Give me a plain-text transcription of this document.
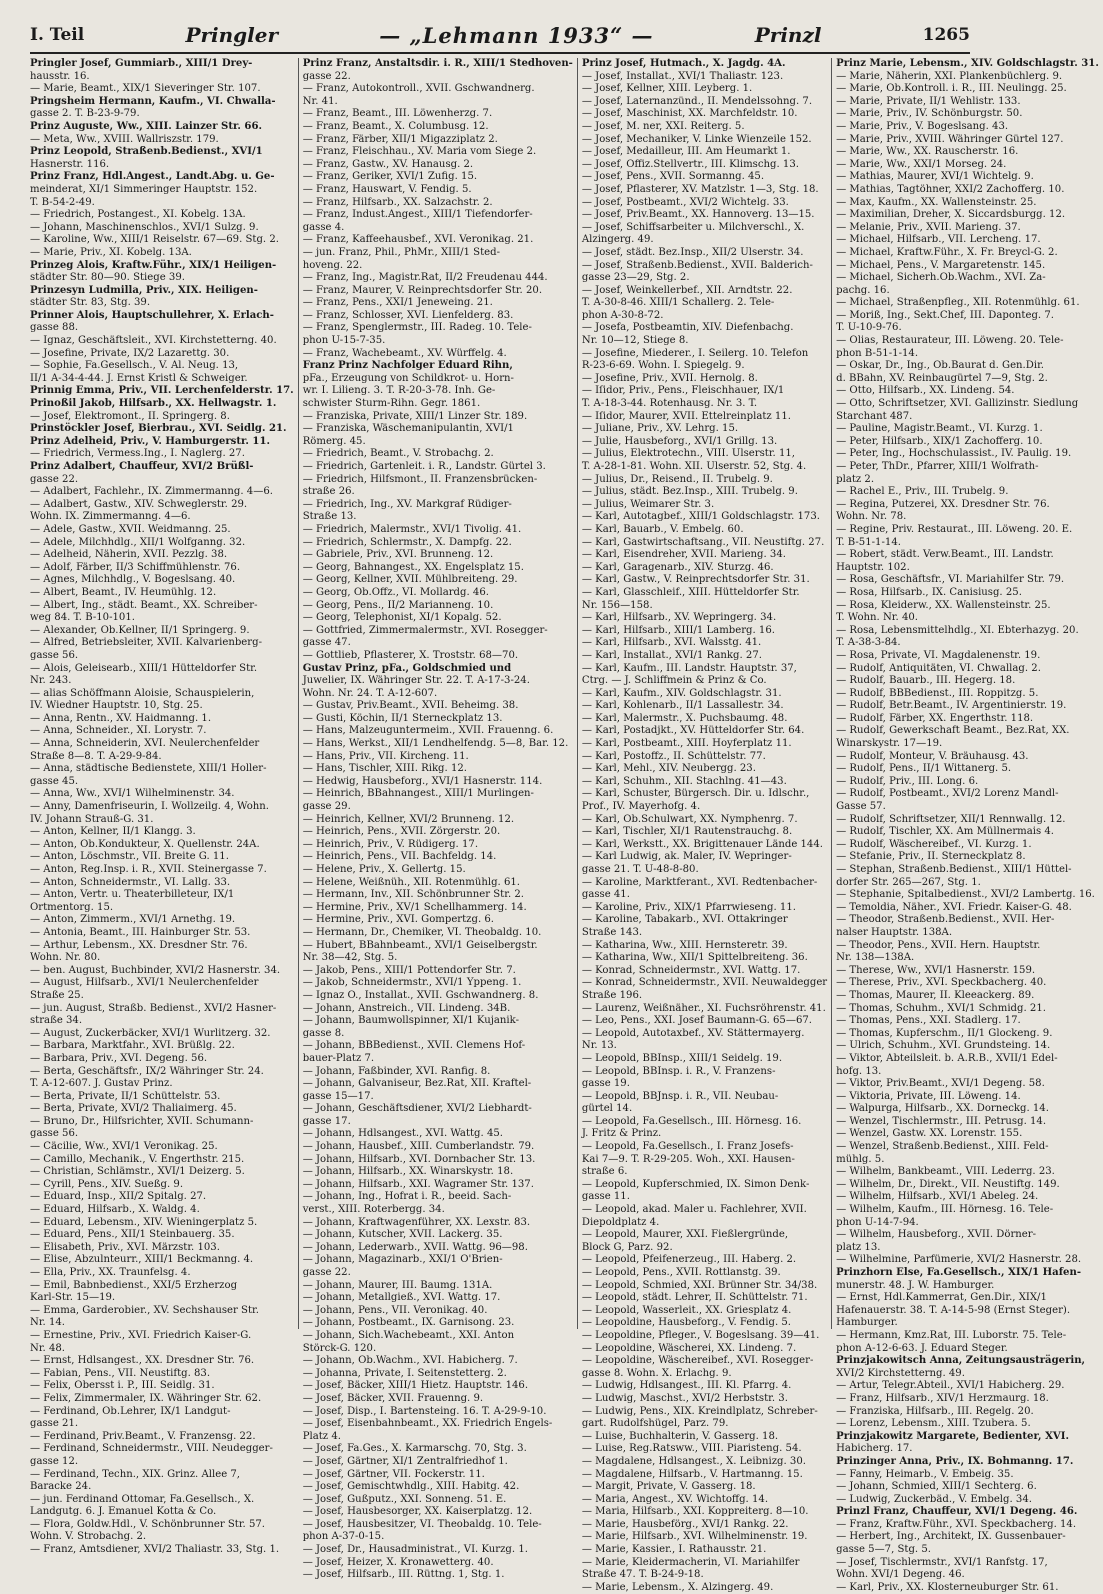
I. Teil	Pringler	— „Lehmann 1933“ —	Prinzl	1265

Pringler Josef, Gummiarb., XIII/1 Drey-

hausstr. 16.

— Marie, Beamt., XIX/1 Sieveringer Str. 107.

Pringsheim Hermann, Kaufm., VI. Chwalla-

gasse 2. T. B-23-9-79.

Prinz Auguste, Ww., XIII. Lainzer Str. 66.

— Meta, Ww., XVIII. Wallriszstr. 179.

Prinz Leopold, Straßenb.Bedienst., XVI/1

Hasnerstr. 116.

Prinz Franz, Hdl.Angest., Landt.Abg. u. Ge-

meinderat, XI/1 Simmeringer Hauptstr. 152.

T. B-54-2-49.

— Friedrich, Postangest., XI. Kobelg. 13A.

— Johann, Maschinenschlos., XVI/1 Sulzg. 9.

— Karoline, Ww., XIII/1 Reiselstr. 67—69. Stg. 2.

— Marie, Priv., XI. Kobelg. 13A.

Prinzeg Alois, Kraftw.Führ., XIX/1 Heiligen-

städter Str. 80—90. Stiege 39.

Prinzesyn Ludmilla, Priv., XIX. Heiligen-

städter Str. 83, Stg. 39.

Prinner Alois, Hauptschullehrer, X. Erlach-

gasse 88.

— Ignaz, Geschäftsleit., XVI. Kirchstetterng. 40.

— Josefine, Private, IX/2 Lazarettg. 30.

— Sophie, Fa.Gesellsch., V. Al. Neug. 13,

II/1 A-34-4-44. J. Ernst Kristl & Schweiger.

Prinnig Emma, Priv., VII. Lerchenfelderstr. 17.

Prinoßil Jakob, Hilfsarb., XX. Hellwagstr. 1.

— Josef, Elektromont., II. Springerg. 8.

Prinstöckler Josef, Bierbrau., XVI. Seidlg. 21.

Prinz Adelheid, Priv., V. Hamburgerstr. 11.

— Friedrich, Vermess.Ing., I. Naglerg. 27.

Prinz Adalbert, Chauffeur, XVI/2 Brüßl-

gasse 22.

— Adalbert, Fachlehr., IX. Zimmermanng. 4—6.

— Adalbert, Gastw., XIV. Schweglerstr. 29.

Wohn. IX. Zimmermanng. 4—6.

— Adele, Gastw., XVII. Weidmanng. 25.

— Adele, Milchhdlg., XII/1 Wolfganng. 32.

— Adelheid, Näherin, XVII. Pezzlg. 38.

— Adolf, Färber, II/3 Schiffmühlenstr. 76.

— Agnes, Milchhdlg., V. Bogeslsang. 40.

— Albert, Beamt., IV. Heumühlg. 12.

— Albert, Ing., städt. Beamt., XX. Schreiber-

weg 84. T. B-10-101.

— Alexander, Ob.Kellner, II/1 Springerg. 9.

— Alfred, Betriebsleiter, XVII. Kalvarienberg-

gasse 56.

— Alois, Geleisearb., XIII/1 Hütteldorfer Str.

Nr. 243.

— alias Schöffmann Aloisie, Schauspielerin,

IV. Wiedner Hauptstr. 10, Stg. 25.

— Anna, Rentn., XV. Haidmanng. 1.

— Anna, Schneider., XI. Lorystr. 7.

— Anna, Schneiderin, XVI. Neulerchenfelder

Straße 8—8. T. A-29-9-84.

— Anna, städtische Bedienstete, XIII/1 Holler-

gasse 45.

— Anna, Ww., XVI/1 Wilhelminenstr. 34.

— Anny, Damenfriseurin, I. Wollzeilg. 4, Wohn.

IV. Johann Strauß-G. 31.

— Anton, Kellner, II/1 Klangg. 3.

— Anton, Ob.Kondukteur, X. Quellenstr. 24A.

— Anton, Löschmstr., VII. Breite G. 11.

— Anton, Reg.Insp. i. R., XVII. Steinergasse 7.

— Anton, Schneidermstr., VI. Lallg. 33.

— Anton, Vertr. u. Theaterbilleteur, IX/1

Ortmentorg. 15.

— Anton, Zimmerm., XVI/1 Arnethg. 19.

— Antonia, Beamt., III. Hainburger Str. 53.

— Arthur, Lebensm., XX. Dresdner Str. 76.

Wohn. Nr. 80.

— ben. August, Buchbinder, XVI/2 Hasnerstr. 34.

— August, Hilfsarb., XVI/1 Neulerchenfelder

Straße 25.

— jun. August, Straßb. Bedienst., XVI/2 Hasner-

straße 34.

— August, Zuckerbäcker, XVI/1 Wurlitzerg. 32.

— Barbara, Marktfahr., XVI. Brüßlg. 22.

— Barbara, Priv., XVI. Degeng. 56.

— Berta, Geschäftsfr., IX/2 Währinger Str. 24.

T. A-12-607. J. Gustav Prinz.

— Berta, Private, II/1 Schüttelstr. 53.

— Berta, Private, XVI/2 Thaliaimerg. 45.

— Bruno, Dr., Hilfsrichter, XVII. Schumann-

gasse 56.

— Cäcilie, Ww., XVI/1 Veronikag. 25.

— Camillo, Mechanik., V. Engerthstr. 215.

— Christian, Schlämstr., XVI/1 Deizerg. 5.

— Cyrill, Pens., XIV. Sueßg. 9.

— Eduard, Insp., XII/2 Spitalg. 27.

— Eduard, Hilfsarb., X. Waldg. 4.

— Eduard, Lebensm., XIV. Wieningerplatz 5.

— Eduard, Pens., XII/1 Steinbauerg. 35.

— Elisabeth, Priv., XVI. Märzstr. 103.

— Elise, Abzulnteurr., XIII/1 Beckmanng. 4.

— Ella, Priv., XX. Traunfelsg. 4.

— Emil, Babnbedienst., XXI/5 Erzherzog

Karl-Str. 15—19.

— Emma, Garderobier., XV. Sechshauser Str.

Nr. 14.

— Ernestine, Priv., XVI. Friedrich Kaiser-G.

Nr. 48.

— Ernst, Hdlsangest., XX. Dresdner Str. 76.

— Fabian, Pens., VII. Neustiftg. 83.

— Felix, Obersst i. P., III. Seidlg. 31.

— Felix, Zimmermaler, IX. Währinger Str. 62.

— Ferdinand, Ob.Lehrer, IX/1 Landgut-

gasse 21.

— Ferdinand, Priv.Beamt., V. Franzensg. 22.

— Ferdinand, Schneidermstr., VIII. Neudegger-

gasse 12.

— Ferdinand, Techn., XIX. Grinz. Allee 7,

Baracke 24.

— jun. Ferdinand Ottomar, Fa.Gesellsch., X.

Landgutg. 6. J. Emanuel Kotta & Co.

— Flora, Goldw.Hdl., V. Schönbrunner Str. 57.

Wohn. V. Strobachg. 2.

— Franz, Amtsdiener, XVI/2 Thaliastr. 33, Stg. 1.

Prinz Franz, Anstaltsdir. i. R., XIII/1 Stedhoven-

gasse 22.

— Franz, Autokontroll., XVII. Gschwandnerg.

Nr. 41.

— Franz, Beamt., III. Löwenherzg. 7.

— Franz, Beamt., X. Columbusg. 12.

— Franz, Färber, XII/1 Migazziplatz 2.

— Franz, Fleischhau., XV. Maria vom Siege 2.

— Franz, Gastw., XV. Hanausg. 2.

— Franz, Geriker, XVI/1 Zufig. 15.

— Franz, Hauswart, V. Fendig. 5.

— Franz, Hilfsarb., XX. Salzachstr. 2.

— Franz, Indust.Angest., XIII/1 Tiefendorfer-

gasse 4.

— Franz, Kaffeehausbef., XVI. Veronikag. 21.

— jun. Franz, Phil., PhMr., XIII/1 Sted-

hoveng. 22.

— Franz, Ing., Magistr.Rat, II/2 Freudenau 444.

— Franz, Maurer, V. Reinprechtsdorfer Str. 20.

— Franz, Pens., XXI/1 Jeneweing. 21.

— Franz, Schlosser, XVI. Lienfelderg. 83.

— Franz, Spenglermstr., III. Radeg. 10. Tele-

phon U-15-7-35.

— Franz, Wachebeamt., XV. Würffelg. 4.

Franz Prinz Nachfolger Eduard Rihn,

pFa., Erzeugung von Schildkrot- u. Horn-

wr. I. Lilieng. 3. T. R-20-3-78. Inh. Ge-

schwister Sturm-Rihn. Gegr. 1861.

— Franziska, Private, XIII/1 Linzer Str. 189.

— Franziska, Wäschemanipulantin, XVI/1

Römerg. 45.

— Friedrich, Beamt., V. Strobachg. 2.

— Friedrich, Gartenleit. i. R., Landstr. Gürtel 3.

— Friedrich, Hilfsmont., II. Franzensbrücken-

straße 26.

— Friedrich, Ing., XV. Markgraf Rüdiger-

Straße 13.

— Friedrich, Malermstr., XVI/1 Tivolig. 41.

— Friedrich, Schlermstr., X. Dampfg. 22.

— Gabriele, Priv., XVI. Brunneng. 12.

— Georg, Bahnangest., XX. Engelsplatz 15.

— Georg, Kellner, XVII. Mühlbreiteng. 29.

— Georg, Ob.Offz., VI. Mollardg. 46.

— Georg, Pens., II/2 Marianneng. 10.

— Georg, Telephonist, XI/1 Kopalg. 52.

— Gottfried, Zimmermalermstr., XVI. Rosegger-

gasse 47.

— Gottlieb, Pflasterer, X. Troststr. 68—70.

Gustav Prinz, pFa., Goldschmied und

Juwelier, IX. Währinger Str. 22. T. A-17-3-24.

Wohn. Nr. 24. T. A-12-607.

— Gustav, Priv.Beamt., XVII. Beheimg. 38.

— Gusti, Köchin, II/1 Sterneckplatz 13.

— Hans, Malzeuguntermeim., XVII. Frauenng. 6.

— Hans, Werkst., XII/1 Lendhelfendg. 5—8, Bar. 12.

— Hans, Priv., VII. Kircheng. 11.

— Hans, Tischler, XIII. Rikg. 12.

— Hedwig, Hausbeforg., XVI/1 Hasnerstr. 114.

— Heinrich, BBahnangest., XIII/1 Murlingen-

gasse 29.

— Heinrich, Kellner, XVI/2 Brunneng. 12.

— Heinrich, Pens., XVII. Zörgerstr. 20.

— Heinrich, Priv., V. Rüdigerg. 17.

— Heinrich, Pens., VII. Bachfeldg. 14.

— Helene, Priv., X. Gellertg. 15.

— Helene, Weißnüh., XII. Rotenmühlg. 61.

— Hermann, Inv., XII. Schönbrunner Str. 2.

— Hermine, Priv., XV/1 Schellhammerg. 14.

— Hermine, Priv., XVI. Gompertzg. 6.

— Hermann, Dr., Chemiker, VI. Theobaldg. 10.

— Hubert, BBahnbeamt., XVI/1 Geiselbergstr.

Nr. 38—42, Stg. 5.

— Jakob, Pens., XIII/1 Pottendorfer Str. 7.

— Jakob, Schneidermstr., XVI/1 Yppeng. 1.

— Ignaz O., Installat., XVII. Gschwandnerg. 8.

— Johann, Anstreich., VII. Lindeng. 34B.

— Johann, Baumwollspinner, XI/1 Kujanik-

gasse 8.

— Johann, BBBedienst., XVII. Clemens Hof-

bauer-Platz 7.

— Johann, Faßbinder, XVI. Ranfig. 8.

— Johann, Galvaniseur, Bez.Rat, XII. Kraftel-

gasse 15—17.

— Johann, Geschäftsdiener, XVI/2 Liebhardt-

gasse 17.

— Johann, Hdlsangest., XVI. Wattg. 45.

— Johann, Hausbef., XIII. Cumberlandstr. 79.

— Johann, Hilfsarb., XVI. Dornbacher Str. 13.

— Johann, Hilfsarb., XX. Winarskystr. 18.

— Johann, Hilfsarb., XXI. Wagramer Str. 137.

— Johann, Ing., Hofrat i. R., beeid. Sach-

verst., XIII. Roterbergg. 34.

— Johann, Kraftwagenführer, XX. Lexstr. 83.

— Johann, Kutscher, XVII. Lackerg. 35.

— Johann, Lederwarb., XVII. Wattg. 96—98.

— Johann, Magazinarb., XXI/1 O'Brien-

gasse 22.

— Johann, Maurer, III. Baumg. 131A.

— Johann, Metallgieß., XVI. Wattg. 17.

— Johann, Pens., VII. Veronikag. 40.

— Johann, Postbeamt., IX. Garnisong. 23.

— Johann, Sich.Wachebeamt., XXI. Anton

Störck-G. 120.

— Johann, Ob.Wachm., XVI. Habicherg. 7.

— Johanna, Private, I. Seitenstetterg. 2.

— Josef, Bäcker, XIII/1 Hietz. Hauptstr. 146.

— Josef, Bäcker, XVII. Frauenng. 9.

— Josef, Disp., I. Bartensteing. 16. T. A-29-9-10.

— Josef, Eisenbahnbeamt., XX. Friedrich Engels-

Platz 4.

— Josef, Fa.Ges., X. Karmarschg. 70, Stg. 3.

— Josef, Gärtner, XI/1 Zentralfriedhof 1.

— Josef, Gärtner, VII. Fockerstr. 11.

— Josef, Gemischtwhdlg., XIII. Habitg. 42.

— Josef, Gußputz., XXI. Sonneng. 51. E.

— Josef, Hausbesorger, XX. Kaiserplatzg. 12.

— Josef, Hausbesitzer, VI. Theobaldg. 10. Tele-

phon A-37-0-15.

— Josef, Dr., Hausadministrat., VI. Kurzg. 1.

— Josef, Heizer, X. Kronawetterg. 40.

— Josef, Hilfsarb., III. Rüttng. 1, Stg. 1.

Prinz Josef, Hutmach., X. Jagdg. 4A.

— Josef, Installat., XVI/1 Thaliastr. 123.

— Josef, Kellner, XIII. Leyberg. 1.

— Josef, Laternanzünd., II. Mendelssohng. 7.

— Josef, Maschinist, XX. Marchfeldstr. 10.

— Josef, M. ner, XXI. Reiterg. 5.

— Josef, Mechaniker, V. Linke Wienzeile 152.

— Josef, Medailleur, III. Am Heumarkt 1.

— Josef, Offiz.Stellvertr., III. Klimschg. 13.

— Josef, Pens., XVII. Sormanng. 45.

— Josef, Pflasterer, XV. Matzlstr. 1—3, Stg. 18.

— Josef, Postbeamt., XVI/2 Wichtelg. 33.

— Josef, Priv.Beamt., XX. Hannoverg. 13—15.

— Josef, Schiffsarbeiter u. Milchverschl., X.

Alzingerg. 49.

— Josef, städt. Bez.Insp., XII/2 Ulserstr. 34.

— Josef, Straßenb.Bedienst., XVII. Balderich-

gasse 23—29, Stg. 2.

— Josef, Weinkellerbef., XII. Arndtstr. 22.

T. A-30-8-46. XIII/1 Schallerg. 2. Tele-

phon A-30-8-72.

— Josefa, Postbeamtin, XIV. Diefenbachg.

Nr. 10—12, Stiege 8.

— Josefine, Miederer., I. Seilerg. 10. Telefon

R-23-6-69. Wohn. I. Spiegelg. 9.

— Josefine, Priv., XVII. Hernolg. 8.

— Iſidor, Priv., Pens., Fleischhauer, IX/1

T. A-18-3-44. Rotenhausg. Nr. 3. T.

— Iſidor, Maurer, XVII. Ettelreinplatz 11.

— Juliane, Priv., XV. Lehrg. 15.

— Julie, Hausbeforg., XVI/1 Grillg. 13.

— Julius, Elektrotechn., VIII. Ulserstr. 11,

T. A-28-1-81. Wohn. XII. Ulserstr. 52, Stg. 4.

— Julius, Dr., Reisend., II. Trubelg. 9.

— Julius, städt. Bez.Insp., XIII. Trubelg. 9.

— Julius, Weimarer Str. 3.

— Karl, Autotagbef., XIII/1 Goldschlagstr. 173.

— Karl, Bauarb., V. Embelg. 60.

— Karl, Gastwirtschaftsang., VII. Neustiftg. 27.

— Karl, Eisendreher, XVII. Marieng. 34.

— Karl, Garagenarb., XIV. Sturzg. 46.

— Karl, Gastw., V. Reinprechtsdorfer Str. 31.

— Karl, Glasschleif., XIII. Hütteldorfer Str.

Nr. 156—158.

— Karl, Hilfsarb., XV. Wepringerg. 34.

— Karl, Hilfsarb., XIII/1 Lamberg. 16.

— Karl, Hilfsarb., XVI. Walsstg. 41.

— Karl, Installat., XVI/1 Rankg. 27.

— Karl, Kaufm., III. Landstr. Hauptstr. 37,

Ctrg. — J. Schliffmein & Prinz & Co.

— Karl, Kaufm., XIV. Goldschlagstr. 31.

— Karl, Kohlenarb., II/1 Lassallestr. 34.

— Karl, Malermstr., X. Puchsbaumg. 48.

— Karl, Postadjkt., XV. Hütteldorfer Str. 64.

— Karl, Postbeamt., XIII. Hoyferplatz 11.

— Karl, Postoffz., II. Schüttelstr. 77.

— Karl, Mehl., XIV. Neubergg. 23.

— Karl, Schuhm., XII. Stachlng. 41—43.

— Karl, Schuster, Bürgersch. Dir. u. Idlschr.,

Prof., IV. Mayerhofg. 4.

— Karl, Ob.Schulwart, XX. Nymphenrg. 7.

— Karl, Tischler, XI/1 Rautenstrauchg. 8.

— Karl, Werkstt., XX. Brigittenauer Lände 144.

— Karl Ludwig, ak. Maler, IV. Wepringer-

gasse 21. T. U-48-8-80.

— Karoline, Marktferant., XVI. Redtenbacher-

gasse 41.

— Karoline, Priv., XIX/1 Pfarrwieseng. 11.

— Karoline, Tabakarb., XVI. Ottakringer

Straße 143.

— Katharina, Ww., XIII. Hernsteretr. 39.

— Katharina, Ww., XII/1 Spittelbreiteng. 36.

— Konrad, Schneidermstr., XVI. Wattg. 17.

— Konrad, Schneidermstr., XVII. Neuwaldegger

Straße 196.

— Laurenz, Weißnäher., XI. Fuchsröhrenstr. 41.

— Leo, Pens., XXI. Josef Baumann-G. 65—67.

— Leopold, Autotaxbef., XV. Stättermayerg.

Nr. 13.

— Leopold, BBInsp., XIII/1 Seidelg. 19.

— Leopold, BBInsp. i. R., V. Franzens-

gasse 19.

— Leopold, BBJnsp. i. R., VII. Neubau-

gürtel 14.

— Leopold, Fa.Gesellsch., III. Hörnesg. 16.

J. Fritz & Prinz.

— Leopold, Fa.Gesellsch., I. Franz Josefs-

Kai 7—9. T. R-29-205. Woh., XXI. Hausen-

straße 6.

— Leopold, Kupferschmied, IX. Simon Denk-

gasse 11.

— Leopold, akad. Maler u. Fachlehrer, XVII.

Diepoldplatz 4.

— Leopold, Maurer, XXI. Fießlergründe,

Block G, Parz. 92.

— Leopold, Pfeifenerzeug., III. Haberg. 2.

— Leopold, Pens., XVII. Rottlanstg. 39.

— Leopold, Schmied, XXI. Brünner Str. 34/38.

— Leopold, städt. Lehrer, II. Schüttelstr. 71.

— Leopold, Wasserleit., XX. Griesplatz 4.

— Leopoldine, Hausbeforg., V. Fendig. 5.

— Leopoldine, Pfleger., V. Bogeslsang. 39—41.

— Leopoldine, Wäscherei, XX. Lindeng. 7.

— Leopoldine, Wäschereibef., XVI. Rosegger-

gasse 8. Wohn. X. Erlachg. 9.

— Ludwig, Hdlsangest., III. Kl. Pfarrg. 4.

— Ludwig, Maschst., XVI/2 Herbststr. 3.

— Ludwig, Pens., XIX. Kreindlplatz, Schreber-

gart. Rudolfshügel, Parz. 79.

— Luise, Buchhalterin, V. Gasserg. 18.

— Luise, Reg.Ratsww., VIII. Piaristeng. 54.

— Magdalene, Hdlsangest., X. Leibnizg. 30.

— Magdalene, Hilfsarb., V. Hartmanng. 15.

— Margit, Private, V. Gasserg. 18.

— Maria, Angest., XV. Wichtoffg. 14.

— Maria, Hilfsarb., XXI. Koppreiterg. 8—10.

— Marie, Hausbeförg., XVI/1 Rankg. 22.

— Marie, Hilfsarb., XVI. Wilhelminenstr. 19.

— Marie, Kassier., I. Rathausstr. 21.

— Marie, Kleidermacherin, VI. Mariahilfer

Straße 47. T. B-24-9-18.

— Marie, Lebensm., X. Alzingerg. 49.

Prinz Marie, Lebensm., XIV. Goldschlagstr. 31.

— Marie, Näherin, XXI. Plankenbüchlerg. 9.

— Marie, Ob.Kontroll. i. R., III. Neulingg. 25.

— Marie, Private, II/1 Wehlistr. 133.

— Marie, Priv., IV. Schönburgstr. 50.

— Marie, Priv., V. Bogeslsang. 43.

— Marie, Priv., XVIII. Währinger Gürtel 127.

— Marie, Ww., XX. Rauscherstr. 16.

— Marie, Ww., XXI/1 Morseg. 24.

— Mathias, Maurer, XVI/1 Wichtelg. 9.

— Mathias, Tagtöhner, XXI/2 Zachofferg. 10.

— Max, Kaufm., XX. Wallensteinstr. 25.

— Maximilian, Dreher, X. Siccardsburgg. 12.

— Melanie, Priv., XVII. Marieng. 37.

— Michael, Hilfsarb., VII. Lercheng. 17.

— Michael, Kraftw.Führ., X. Fr. Breycl-G. 2.

— Michael, Pens., V. Margaretenstr. 145.

— Michael, Sicherh.Ob.Wachm., XVI. Za-

pachg. 16.

— Michael, Straßenpfleg., XII. Rotenmühlg. 61.

— Moriß, Ing., Sekt.Chef, III. Daponteg. 7.

T. U-10-9-76.

— Olias, Restaurateur, III. Löweng. 20. Tele-

phon B-51-1-14.

— Oskar, Dr., Ing., Ob.Baurat d. Gen.Dir.

d. BBahn, XV. Reinbaugürtel 7—9, Stg. 2.

— Otto, Hilfsarb., XX. Lindeng. 54.

— Otto, Schriftsetzer, XVI. Gallizinstr. Siedlung

Starchant 487.

— Pauline, Magistr.Beamt., VI. Kurzg. 1.

— Peter, Hilfsarb., XIX/1 Zachofferg. 10.

— Peter, Ing., Hochschulassist., IV. Paulig. 19.

— Peter, ThDr., Pfarrer, XIII/1 Wolfrath-

platz 2.

— Rachel E., Priv., III. Trubelg. 9.

— Regina, Putzerei, XX. Dresdner Str. 76.

Wohn. Nr. 78.

— Regine, Priv. Restaurat., III. Löweng. 20. E.

T. B-51-1-14.

— Robert, städt. Verw.Beamt., III. Landstr.

Hauptstr. 102.

— Rosa, Geschäftsfr., VI. Mariahilfer Str. 79.

— Rosa, Hilfsarb., IX. Canisiusg. 25.

— Rosa, Kleiderw., XX. Wallensteinstr. 25.

T. Wohn. Nr. 40.

— Rosa, Lebensmittelhdlg., XI. Ebterhazyg. 20.

T. A-38-3-84.

— Rosa, Private, VI. Magdalenenstr. 19.

— Rudolf, Antiquitäten, VI. Chwallag. 2.

— Rudolf, Bauarb., III. Hegerg. 18.

— Rudolf, BBBedienst., III. Roppitzg. 5.

— Rudolf, Betr.Beamt., IV. Argentinierstr. 19.

— Rudolf, Färber, XX. Engerthstr. 118.

— Rudolf, Gewerkschaft Beamt., Bez.Rat, XX.

Winarskystr. 17—19.

— Rudolf, Monteur, V. Bräuhausg. 43.

— Rudolf, Pens., II/1 Wittanerg. 5.

— Rudolf, Priv., III. Long. 6.

— Rudolf, Postbeamt., XVI/2 Lorenz Mandl-

Gasse 57.

— Rudolf, Schriftsetzer, XII/1 Rennwallg. 12.

— Rudolf, Tischler, XX. Am Müllnermais 4.

— Rudolf, Wäschereibef., VI. Kurzg. 1.

— Stefanie, Priv., II. Sterneckplatz 8.

— Stephan, Straßenb.Bedienst., XIII/1 Hüttel-

dorfer Str. 265—267, Stg. 1.

— Stephanie, Spitalbedienst., XVI/2 Lambertg. 16.

— Temoldia, Näher., XVI. Friedr. Kaiser-G. 48.

— Theodor, Straßenb.Bedienst., XVII. Her-

nalser Hauptstr. 138A.

— Theodor, Pens., XVII. Hern. Hauptstr.

Nr. 138—138A.

— Therese, Ww., XVI/1 Hasnerstr. 159.

— Therese, Priv., XVI. Speckbacherg. 40.

— Thomas, Maurer, II. Kleeackerg. 89.

— Thomas, Schuhm., XVI/1 Schmidg. 21.

— Thomas, Pens., XXI. Stadlerg. 17.

— Thomas, Kupferschm., II/1 Glockeng. 9.

— Ulrich, Schuhm., XVI. Grundsteing. 14.

— Viktor, Abteilsleit. b. A.R.B., XVII/1 Edel-

hofg. 13.

— Viktor, Priv.Beamt., XVI/1 Degeng. 58.

— Viktoria, Private, III. Löweng. 14.

— Walpurga, Hilfsarb., XX. Dorneckg. 14.

— Wenzel, Tischlermstr., III. Petrusg. 14.

— Wenzel, Gastw. XX. Lorenstr. 155.

— Wenzel, Straßenb.Bedienst., XIII. Feld-

mühlg. 5.

— Wilhelm, Bankbeamt., VIII. Lederrg. 23.

— Wilhelm, Dr., Direkt., VII. Neustiftg. 149.

— Wilhelm, Hilfsarb., XVI/1 Abeleg. 24.

— Wilhelm, Kaufm., III. Hörnesg. 16. Tele-

phon U-14-7-94.

— Wilhelm, Hausbeforg., XVII. Dörner-

platz 13.

— Wilhelmine, Parfümerie, XVI/2 Hasnerstr. 28.

Prinzhorn Else, Fa.Gesellsch., XIX/1 Hafen-

munerstr. 48. J. W. Hamburger.

— Ernst, Hdl.Kammerrat, Gen.Dir., XIX/1

Hafenauerstr. 38. T. A-14-5-98 (Ernst Steger).

Hamburger.

— Hermann, Kmz.Rat, III. Luborstr. 75. Tele-

phon A-12-6-63. J. Eduard Steger.

Prinzjakowitsch Anna, Zeitungsausträgerin,

XVI/2 Kirchstetterng. 49.

— Artur, Telegr.Abteil., XVI/1 Habicherg. 29.

— Franz, Hilfsarb., XIV/1 Herzmaurg. 18.

— Franziska, Hilfsarb., III. Regelg. 20.

— Lorenz, Lebensm., XIII. Tzubera. 5.

Prinzjakowitz Margarete, Bedienter, XVI.

Habicherg. 17.

Prinzinger Anna, Priv., IX. Bohmanng. 17.

— Fanny, Heimarb., V. Embeig. 35.

— Johann, Schmied, XIII/1 Sechterg. 6.

— Ludwig, Zuckerbäd., V. Embelg. 34.

Prinzl Franz, Chauffeur, XVI/1 Degeng. 46.

— Franz, Kraftw.Führ., XVI. Speckbacherg. 14.

— Herbert, Ing., Architekt, IX. Gussenbauer-

gasse 5—7, Stg. 5.

— Josef, Tischlermstr., XVI/1 Ranfstg. 17,

Wohn. XVI/1 Degeng. 46.

— Karl, Priv., XX. Klosterneuburger Str. 61.
